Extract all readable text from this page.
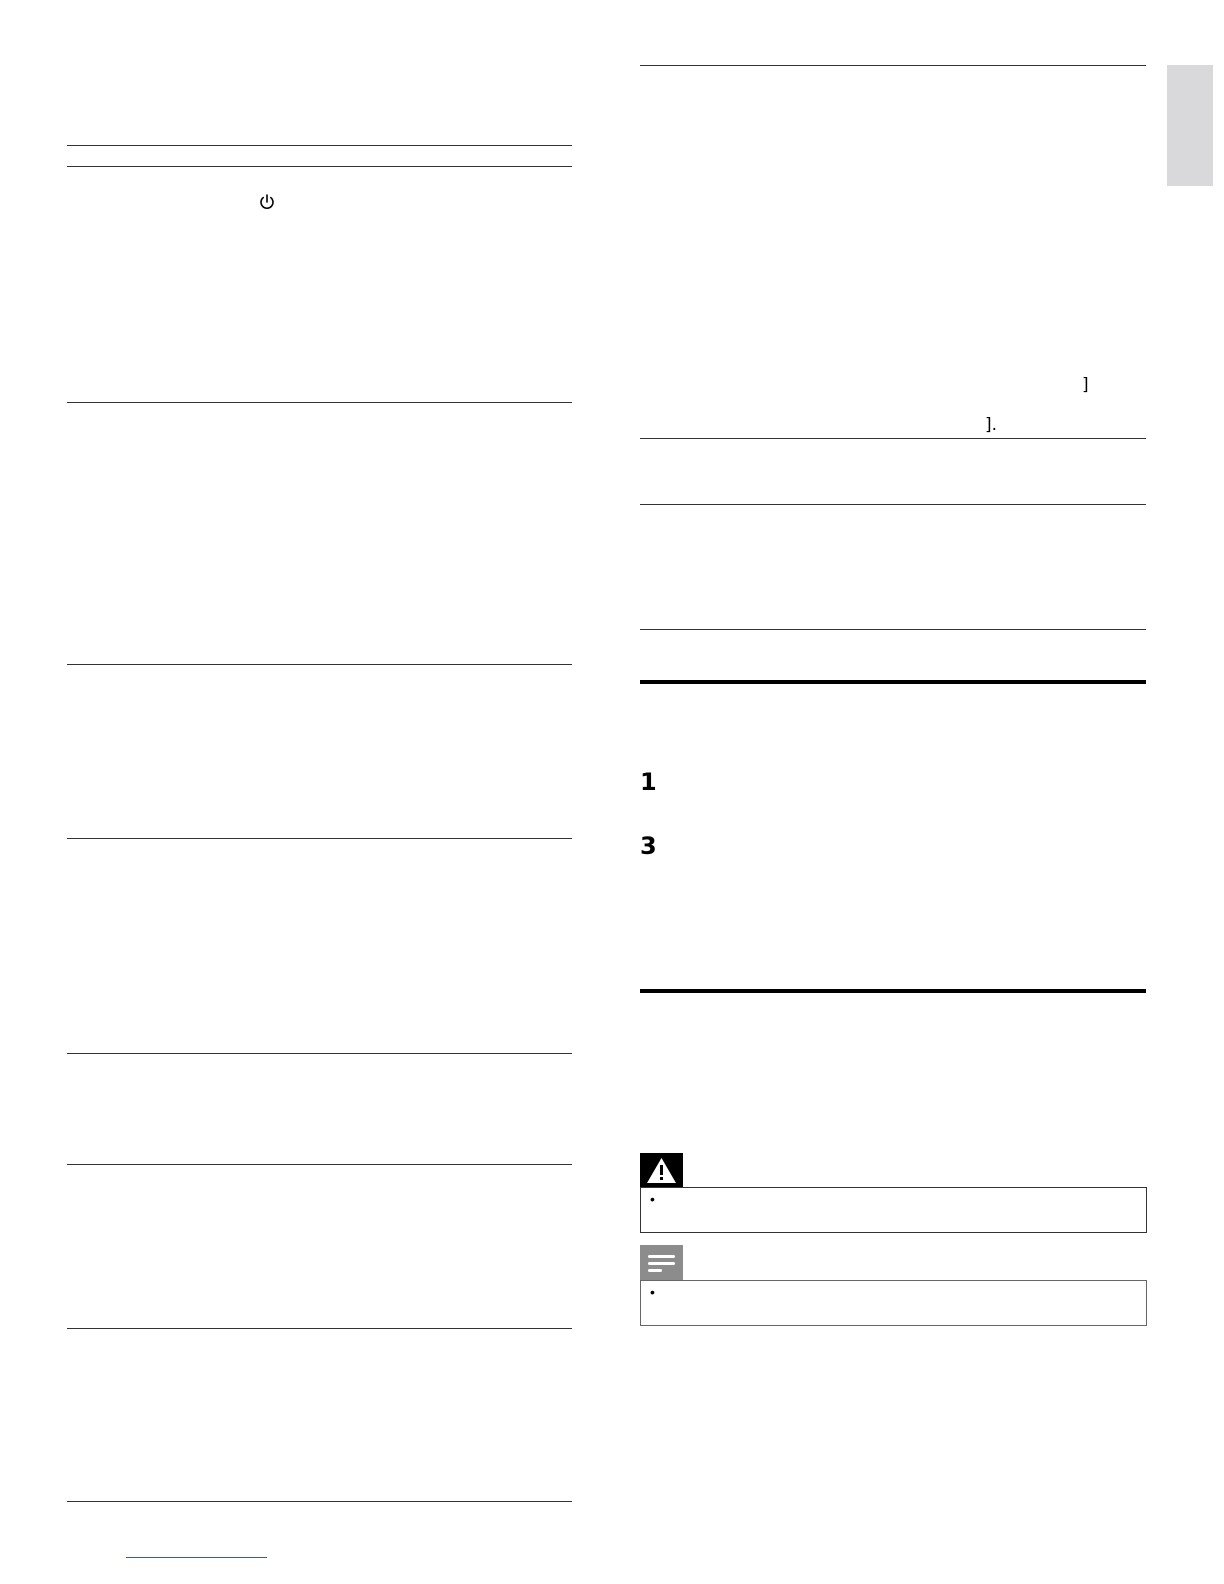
]
].
1
3
•
•
